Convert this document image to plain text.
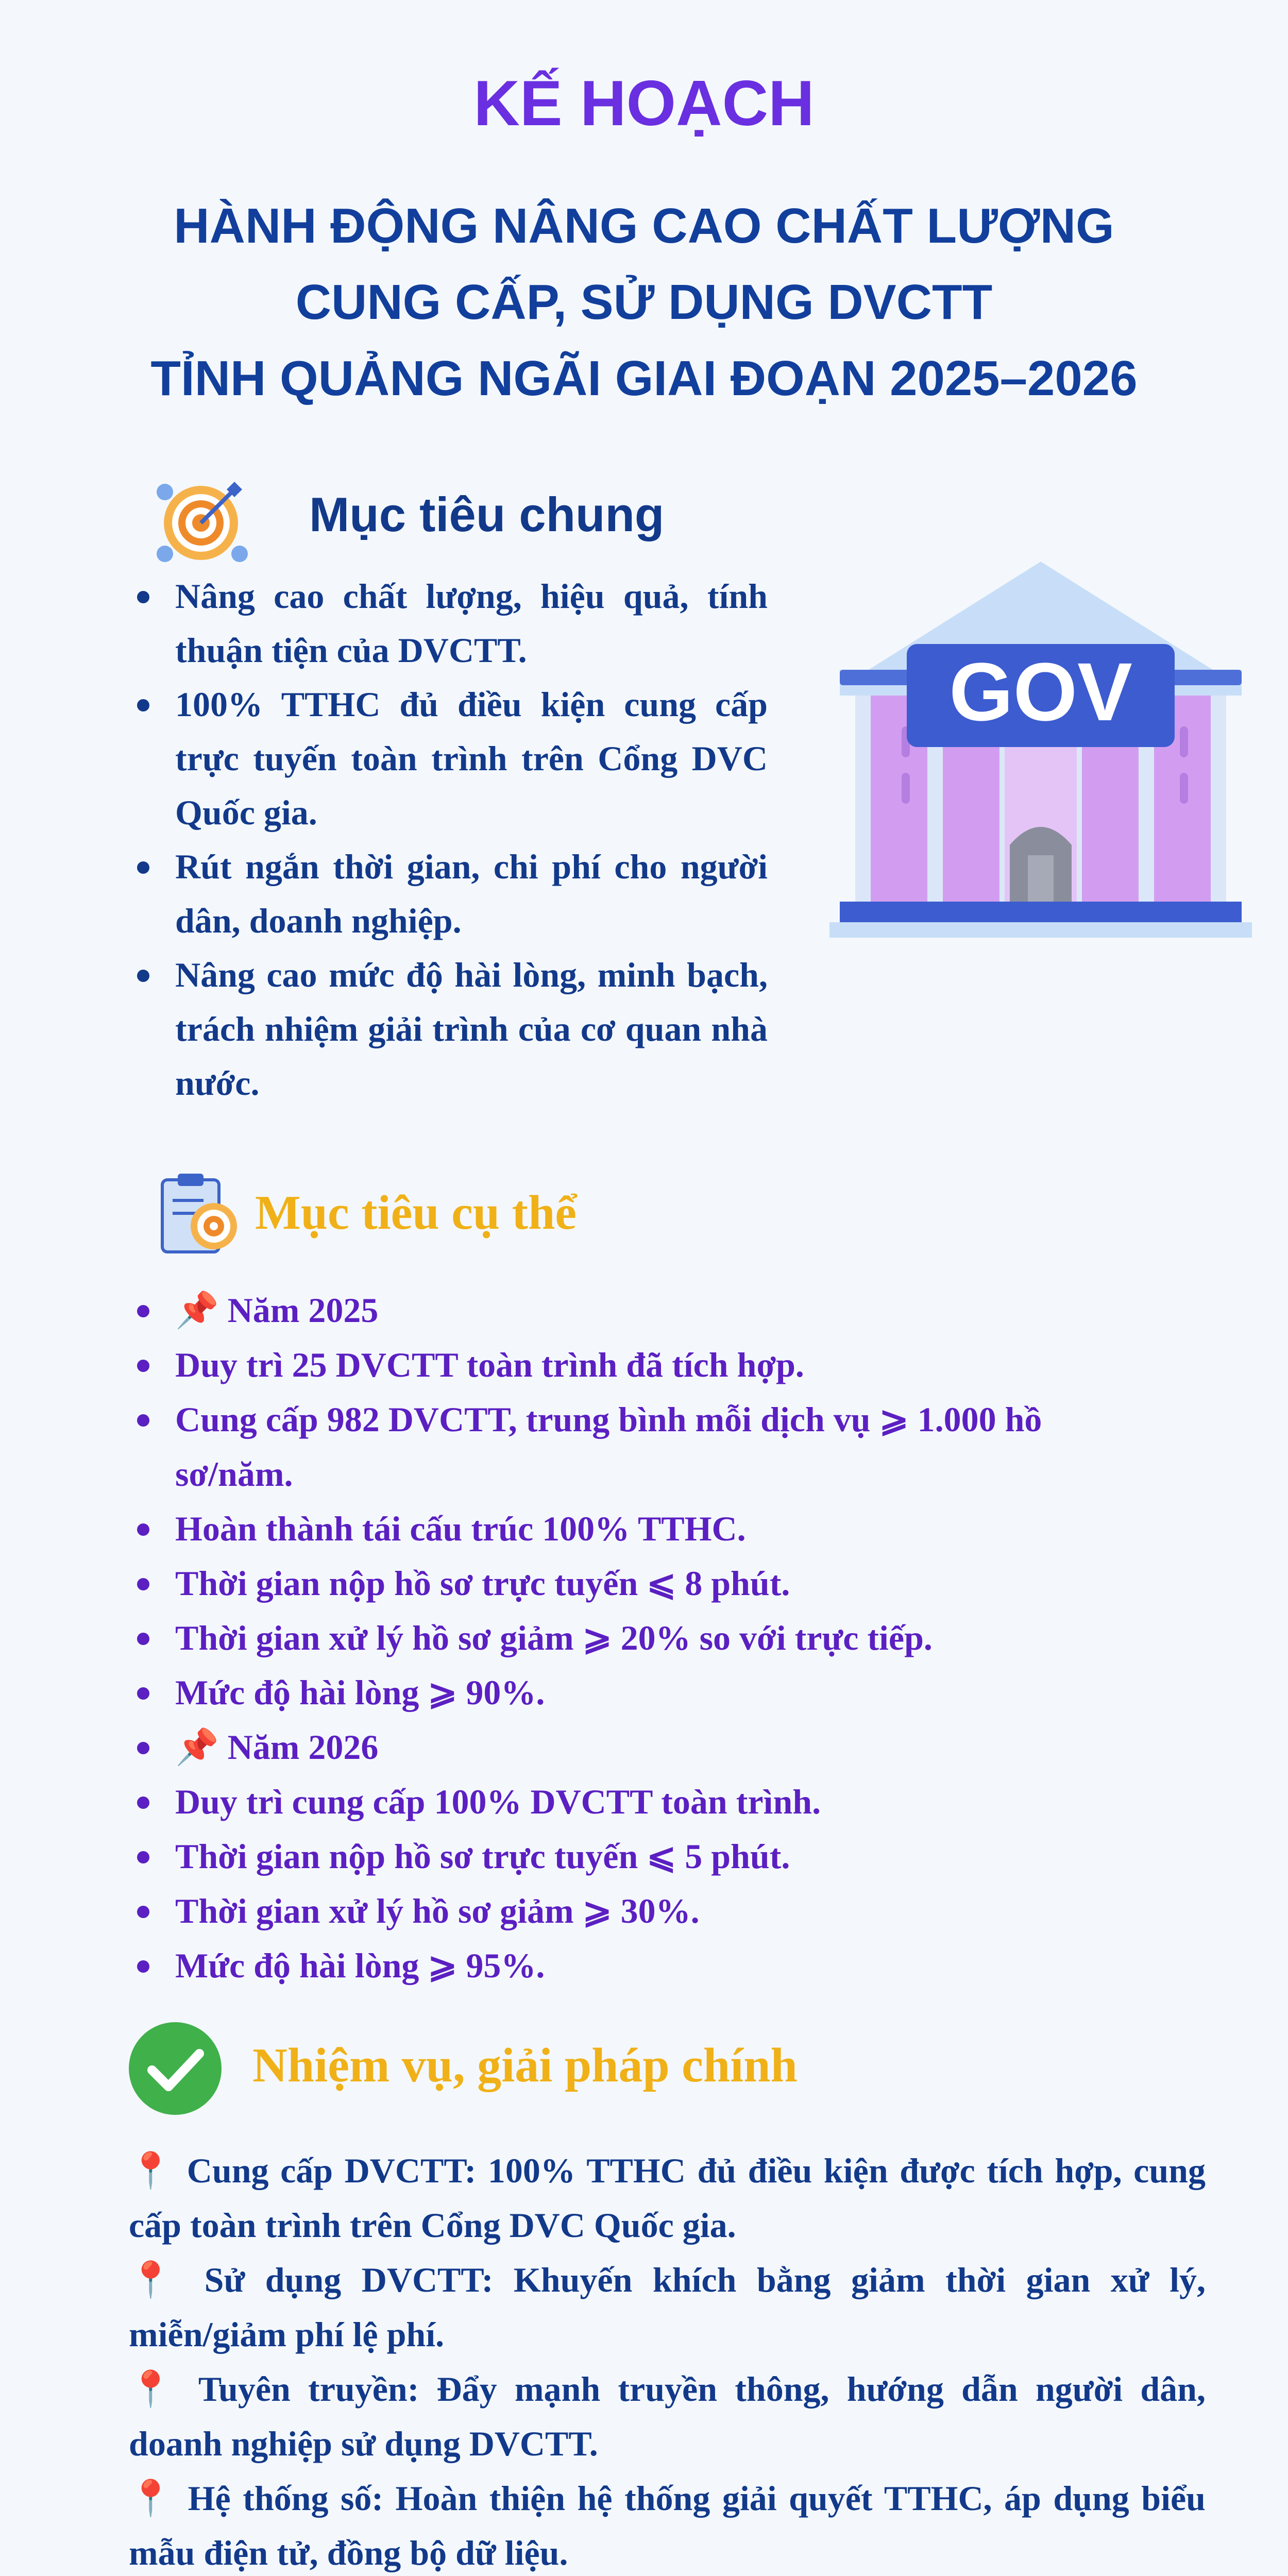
KẾ HOẠCH
HÀNH ĐỘNG NÂNG CAO CHẤT LƯỢNG
CUNG CẤP, SỬ DỤNG DVCTT
TỈNH QUẢNG NGÃI GIAI ĐOẠN 2025–2026
Mục tiêu chung
Nâng cao chất lượng, hiệu quả, tính thuận tiện của DVCTT.
100% TTHC đủ điều kiện cung cấp trực tuyến toàn trình trên Cổng DVC Quốc gia.
Rút ngắn thời gian, chi phí cho người dân, doanh nghiệp.
Nâng cao mức độ hài lòng, minh bạch, trách nhiệm giải trình của cơ quan nhà nước.
GOV
Mục tiêu cụ thể
📌 Năm 2025
Duy trì 25 DVCTT toàn trình đã tích hợp.
Cung cấp 982 DVCTT, trung bình mỗi dịch vụ ⩾ 1.000 hồ sơ/năm.
Hoàn thành tái cấu trúc 100% TTHC.
Thời gian nộp hồ sơ trực tuyến ⩽ 8 phút.
Thời gian xử lý hồ sơ giảm ⩾ 20% so với trực tiếp.
Mức độ hài lòng ⩾ 90%.
📌 Năm 2026
Duy trì cung cấp 100% DVCTT toàn trình.
Thời gian nộp hồ sơ trực tuyến ⩽ 5 phút.
Thời gian xử lý hồ sơ giảm ⩾ 30%.
Mức độ hài lòng ⩾ 95%.
Nhiệm vụ, giải pháp chính

📍 Cung cấp DVCTT: 100% TTHC đủ điều kiện được tích hợp, cung cấp toàn trình trên Cổng DVC Quốc gia.

📍 Sử dụng DVCTT: Khuyến khích bằng giảm thời gian xử lý, miễn/giảm phí lệ phí.

📍 Tuyên truyền: Đẩy mạnh truyền thông, hướng dẫn người dân, doanh nghiệp sử dụng DVCTT.

📍 Hệ thống số: Hoàn thiện hệ thống giải quyết TTHC, áp dụng biểu mẫu điện tử, đồng bộ dữ liệu.
